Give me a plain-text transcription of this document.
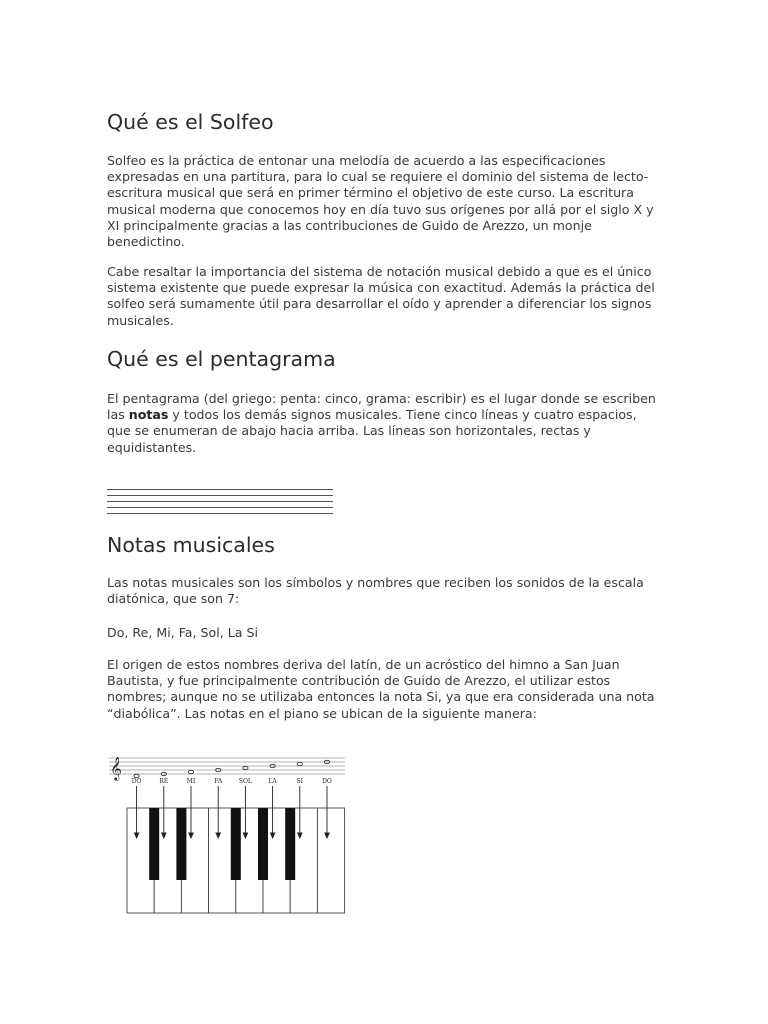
Qué es el Solfeo

Solfeo es la práctica de entonar una melodía de acuerdo a las especificaciones expresadas en una partitura, para lo cual se requiere el dominio del sistema de lecto-escritura musical que será en primer término el objetivo de este curso. La escritura musical moderna que conocemos hoy en día tuvo sus orígenes por allá por el siglo X y XI principalmente gracias a las contribuciones de Guido de Arezzo, un monje benedictino.

Cabe resaltar la importancia del sistema de notación musical debido a que es el único sistema existente que puede expresar la música con exactitud. Además la práctica del solfeo será sumamente útil para desarrollar el oído y aprender a diferenciar los signos musicales.

Qué es el pentagrama

El pentagrama (del griego: penta: cinco, grama: escribir) es el lugar donde se escriben las notas y todos los demás signos musicales. Tiene cinco líneas y cuatro espacios, que se enumeran de abajo hacia arriba. Las líneas son horizontales, rectas y equidistantes.

Notas musicales

Las notas musicales son los símbolos y nombres que reciben los sonidos de la escala diatónica, que son 7:

Do, Re, Mi, Fa, Sol, La Si

El origen de estos nombres deriva del latín, de un acróstico del himno a San Juan Bautista, y fue principalmente contribución de Guido de Arezzo, el utilizar estos nombres; aunque no se utilizaba entonces la nota Si, ya que era considerada una nota “diabólica”. Las notas en el piano se ubican de la siguiente manera:

𝄞
DO	RE	MI	FA	SOL	LA	SI	DO
